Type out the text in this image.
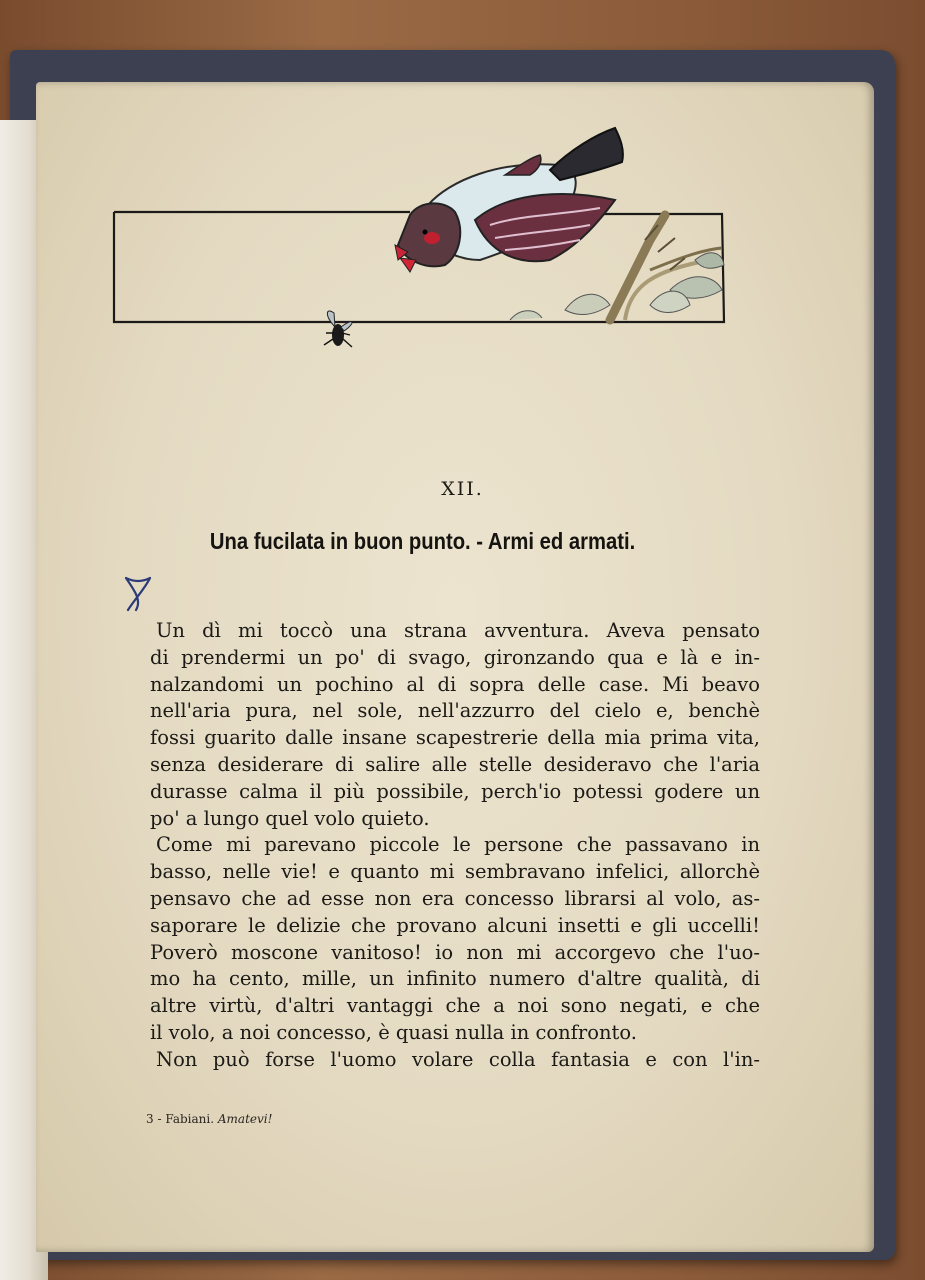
XII.
Una fucilata in buon punto. - Armi ed armati.
Un dì mi toccò una strana avventura. Aveva pensato
di prendermi un po' di svago, gironzando qua e là e in-
nalzandomi un pochino al di sopra delle case. Mi beavo
nell'aria pura, nel sole, nell'azzurro del cielo e, benchè
fossi guarito dalle insane scapestrerie della mia prima vita,
senza desiderare di salire alle stelle desideravo che l'aria
durasse calma il più possibile, perch'io potessi godere un
po' a lungo quel volo quieto.
Come mi parevano piccole le persone che passavano in
basso, nelle vie! e quanto mi sembravano infelici, allorchè
pensavo che ad esse non era concesso librarsi al volo, as-
saporare le delizie che provano alcuni insetti e gli uccelli!
Poverò moscone vanitoso! io non mi accorgevo che l'uo-
mo ha cento, mille, un infinito numero d'altre qualità, di
altre virtù, d'altri vantaggi che a noi sono negati, e che
il volo, a noi concesso, è quasi nulla in confronto.
Non può forse l'uomo volare colla fantasia e con l'in-
3 - Fabiani. Amatevi!
